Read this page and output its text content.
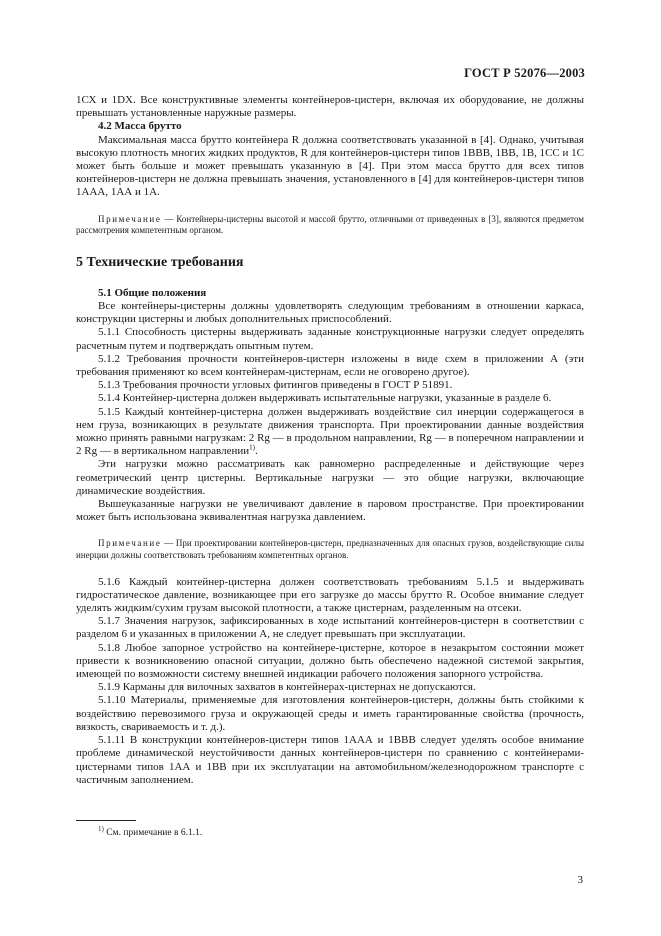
ГОСТ Р 52076—2003

1СХ и 1DX. Все конструктивные элементы контейнеров-цистерн, включая их оборудование, не должны превышать установленные наружные размеры.

4.2 Масса брутто

Максимальная масса брутто контейнера R должна соответствовать указанной в [4]. Однако, учитывая высокую плотность многих жидких продуктов, R для контейнеров-цистерн типов 1ВВВ, 1ВВ, 1В, 1СС и 1С может быть больше и может превышать указанную в [4]. При этом масса брутто для всех типов контейнеров-цистерн не должна превышать значения, установленного в [4] для контейнеров-цистерн типов 1ААА, 1АА и 1А.

Примечание — Контейнеры-цистерны высотой и массой брутто, отличными от приведенных в [3], являются предметом рассмотрения компетентным органом.

5 Технические требования

5.1 Общие положения

Все контейнеры-цистерны должны удовлетворять следующим требованиям в отношении каркаса, конструкции цистерны и любых дополнительных приспособлений.

5.1.1 Способность цистерны выдерживать заданные конструкционные нагрузки следует определять расчетным путем и подтверждать опытным путем.

5.1.2 Требования прочности контейнеров-цистерн изложены в виде схем в приложении А (эти требования применяют ко всем контейнерам-цистернам, если не оговорено другое).

5.1.3 Требования прочности угловых фитингов приведены в ГОСТ Р 51891.

5.1.4 Контейнер-цистерна должен выдерживать испытательные нагрузки, указанные в разделе 6.

5.1.5 Каждый контейнер-цистерна должен выдерживать воздействие сил инерции содержащегося в нем груза, возникающих в результате движения транспорта. При проектировании данные воздействия можно принять равными нагрузкам: 2 Rg — в продольном направлении, Rg — в поперечном направлении и 2 Rg — в вертикальном направлении$^{1)}$.

Эти нагрузки можно рассматривать как равномерно распределенные и действующие через геометрический центр цистерны. Вертикальные нагрузки — это общие нагрузки, включающие динамические воздействия.

Вышеуказанные нагрузки не увеличивают давление в паровом пространстве. При проектировании может быть использована эквивалентная нагрузка давлением.

Примечание — При проектировании контейнеров-цистерн, предназначенных для опасных грузов, воздействующие силы инерции должны соответствовать требованиям компетентных органов.

5.1.6 Каждый контейнер-цистерна должен соответствовать требованиям 5.1.5 и выдерживать гидростатическое давление, возникающее при его загрузке до массы брутто R. Особое внимание следует уделять жидким/сухим грузам высокой плотности, а также цистернам, разделенным на отсеки.

5.1.7 Значения нагрузок, зафиксированных в ходе испытаний контейнеров-цистерн в соответствии с разделом 6 и указанных в приложении А, не следует превышать при эксплуатации.

5.1.8 Любое запорное устройство на контейнере-цистерне, которое в незакрытом состоянии может привести к возникновению опасной ситуации, должно быть обеспечено надежной системой закрытия, имеющей по возможности систему внешней индикации рабочего положения запорного устройства.

5.1.9 Карманы для вилочных захватов в контейнерах-цистернах не допускаются.

5.1.10 Материалы, применяемые для изготовления контейнеров-цистерн, должны быть стойкими к воздействию перевозимого груза и окружающей среды и иметь гарантированные свойства (прочность, вязкость, свариваемость и т. д.).

5.1.11 В конструкции контейнеров-цистерн типов 1ААА и 1ВВВ следует уделять особое внимание проблеме динамической неустойчивости данных контейнеров-цистерн по сравнению с контейнерами-цистернами типов 1АА и 1ВВ при их эксплуатации на автомобильном/железнодорожном транспорте с частичным заполнением.

$^{1)}$ См. примечание в 6.1.1.
3
